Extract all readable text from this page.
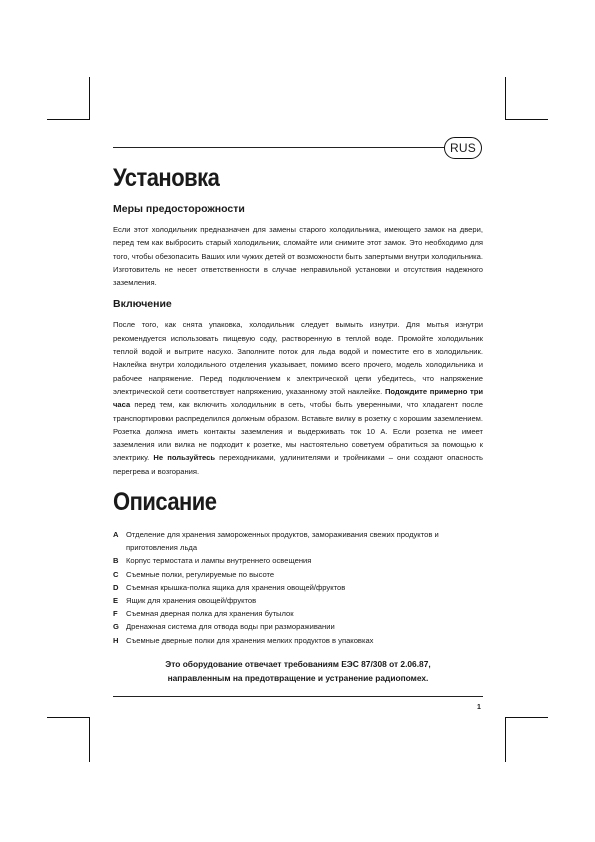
RUS
Установка
Меры предосторожности

Если этот холодильник предназначен для замены старого холодильника, имеющего замок на двери, перед тем как выбросить старый холодильник, сломайте или снимите этот замок. Это необходимо для того, чтобы обезопасить Ваших или чужих детей от возможности быть запертыми внутри холодильника. Изготовитель не несет ответственности в случае неправильной установки и отсутствия надежного заземления.

Включение

После того, как снята упаковка, холодильник следует вымыть изнутри. Для мытья изнутри рекомендуется использовать пищевую соду, растворенную в теплой воде. Промойте холодильник теплой водой и вытрите насухо. Заполните поток для льда водой и поместите его в холодильник. Наклейка внутри холодильного отделения указывает, помимо всего прочего, модель холодильника и рабочее напряжение. Перед подключением к электрической цепи убедитесь, что напряжение электрической сети соответствует напряжению, указанному этой наклейке. Подождите примерно три часа перед тем, как включить холодильник в сеть, чтобы быть уверенными, что хладагент после транспортировки распределился должным образом. Вставьте вилку в розетку с хорошим заземлением. Розетка должна иметь контакты заземления и выдерживать ток 10 А. Если розетка не имеет заземления или вилка не подходит к розетке, мы настоятельно советуем обратиться за помощью к электрику. Не пользуйтесь переходниками, удлинителями и тройниками – они создают опасность перегрева и возгорания.

Описание
A Отделение для хранения замороженных продуктов, замораживания свежих продуктов и приготовления льда
B Корпус термостата и лампы внутреннего освещения
C Съемные полки, регулируемые по высоте
D Съемная крышка-полка ящика для хранения овощей/фруктов
E	Ящик для хранения овощей/фруктов
F	Съемная дверная полка для хранения бутылок
G Дренажная система для отвода воды при размораживании
H Съемные дверные полки для хранения мелких продуктов в упаковках
Это оборудование отвечает требованиям ЕЭС 87/308 от 2.06.87,
направленным на предотвращение и устранение радиопомех.
1
